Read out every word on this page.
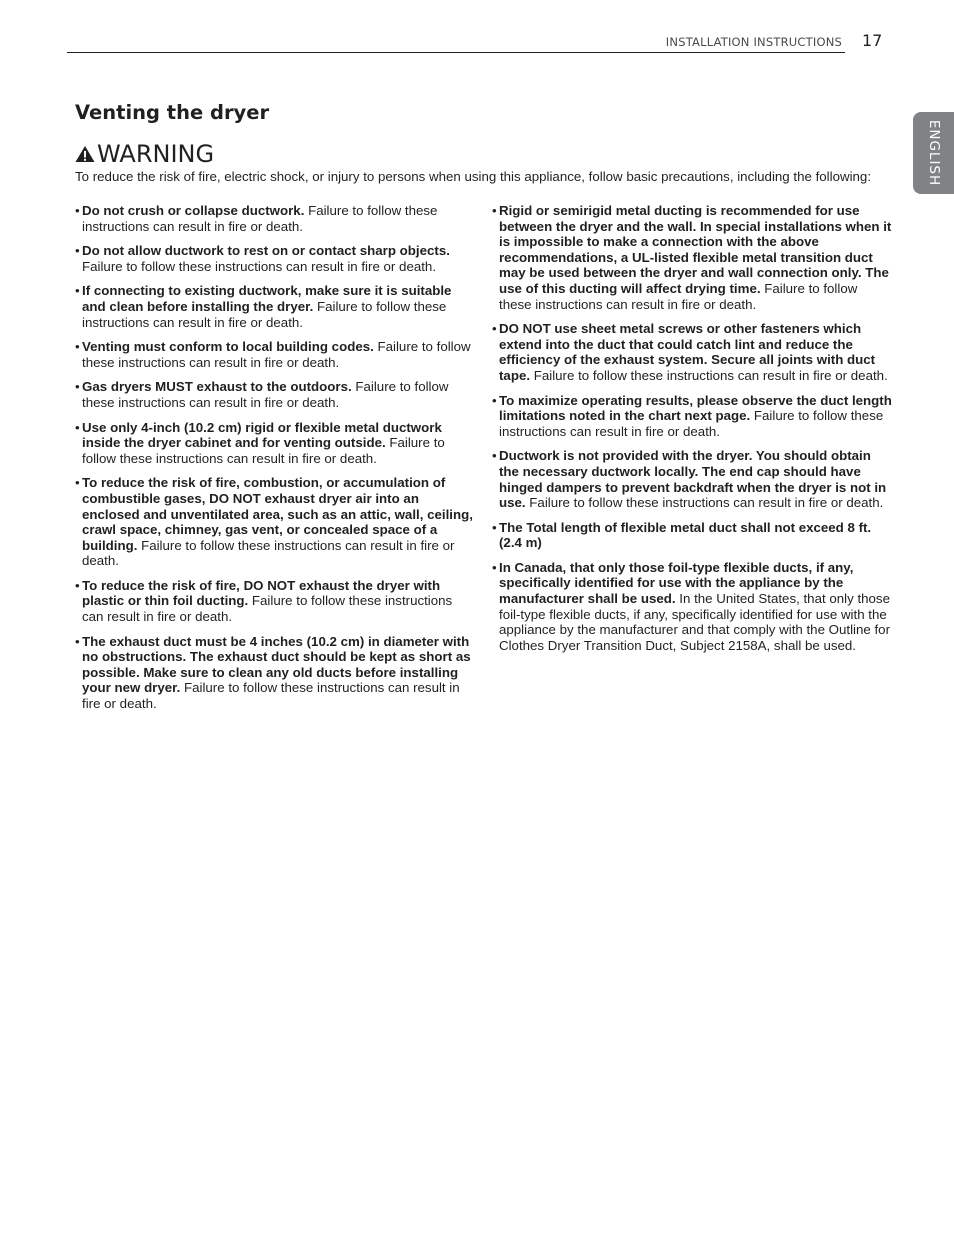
INSTALLATION INSTRUCTIONS 17
ENGLISH
Venting the dryer
WARNING

To reduce the risk of fire, electric shock, or injury to persons when using this appliance, follow basic precautions, including the following:

• Do not crush or collapse ductwork. Failure to follow these instructions can result in fire or death.
• Do not allow ductwork to rest on or contact sharp objects. Failure to follow these instructions can result in fire or death.
• If connecting to existing ductwork, make sure it is suitable and clean before installing the dryer. Failure to follow these instructions can result in fire or death.
• Venting must conform to local building codes. Failure to follow these instructions can result in fire or death.
• Gas dryers MUST exhaust to the outdoors. Failure to follow these instructions can result in fire or death.
• Use only 4-inch (10.2 cm) rigid or flexible metal ductwork inside the dryer cabinet and for venting outside. Failure to follow these instructions can result in fire or death.
• To reduce the risk of fire, combustion, or accumulation of combustible gases, DO NOT exhaust dryer air into an enclosed and unventilated area, such as an attic, wall, ceiling, crawl space, chimney, gas vent, or concealed space of a building. Failure to follow these instructions can result in fire or death.
• To reduce the risk of fire, DO NOT exhaust the dryer with plastic or thin foil ducting. Failure to follow these instructions can result in fire or death.
• The exhaust duct must be 4 inches (10.2 cm) in diameter with no obstructions. The exhaust duct should be kept as short as possible. Make sure to clean any old ducts before installing your new dryer. Failure to follow these instructions can result in fire or death.
• Rigid or semirigid metal ducting is recommended for use between the dryer and the wall. In special installations when it is impossible to make a connection with the above recommendations, a UL-listed flexible metal transition duct may be used between the dryer and wall connection only. The use of this ducting will affect drying time. Failure to follow these instructions can result in fire or death.
• DO NOT use sheet metal screws or other fasteners which extend into the duct that could catch lint and reduce the efficiency of the exhaust system. Secure all joints with duct tape. Failure to follow these instructions can result in fire or death.
• To maximize operating results, please observe the duct length limitations noted in the chart next page. Failure to follow these instructions can result in fire or death.
• Ductwork is not provided with the dryer. You should obtain the necessary ductwork locally. The end cap should have hinged dampers to prevent backdraft when the dryer is not in use. Failure to follow these instructions can result in fire or death.
• The Total length of flexible metal duct shall not exceed 8 ft. (2.4 m)
• In Canada, that only those foil-type flexible ducts, if any, specifically identified for use with the appliance by the manufacturer shall be used. In the United States, that only those foil-type flexible ducts, if any, specifically identified for use with the appliance by the manufacturer and that comply with the Outline for Clothes Dryer Transition Duct, Subject 2158A, shall be used.
